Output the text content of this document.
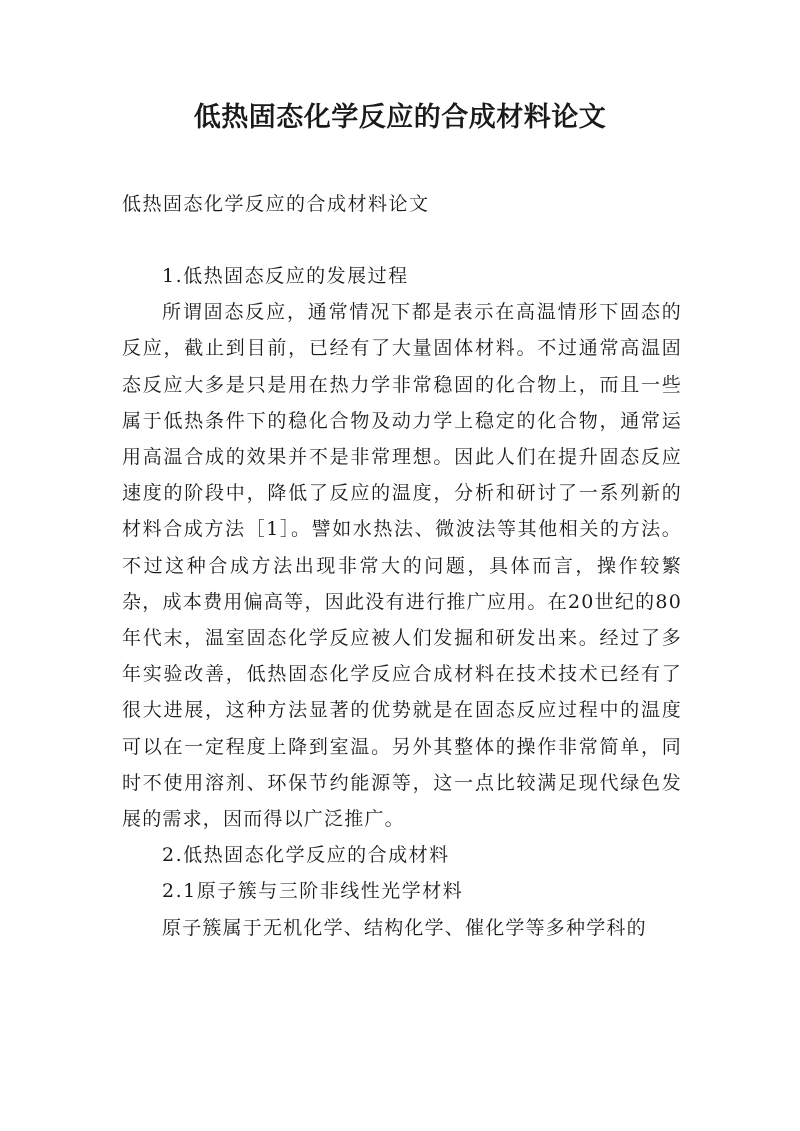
低热固态化学反应的合成材料论文
低热固态化学反应的合成材料论文

1.低热固态反应的发展过程

所谓固态反应，通常情况下都是表示在高温情形下固态的反应，截止到目前，已经有了大量固体材料。不过通常高温固态反应大多是只是用在热力学非常稳固的化合物上，而且一些属于低热条件下的稳化合物及动力学上稳定的化合物，通常运用高温合成的效果并不是非常理想。因此人们在提升固态反应速度的阶段中，降低了反应的温度，分析和研讨了一系列新的材料合成方法［1］。譬如水热法、微波法等其他相关的方法。不过这种合成方法出现非常大的问题，具体而言，操作较繁杂，成本费用偏高等，因此没有进行推广应用。在20世纪的80年代末，温室固态化学反应被人们发掘和研发出来。经过了多年实验改善，低热固态化学反应合成材料在技术技术已经有了很大进展，这种方法显著的优势就是在固态反应过程中的温度可以在一定程度上降到室温。另外其整体的操作非常简单，同时不使用溶剂、环保节约能源等，这一点比较满足现代绿色发展的需求，因而得以广泛推广。

2.低热固态化学反应的合成材料

2.1原子簇与三阶非线性光学材料

原子簇属于无机化学、结构化学、催化学等多种学科的
